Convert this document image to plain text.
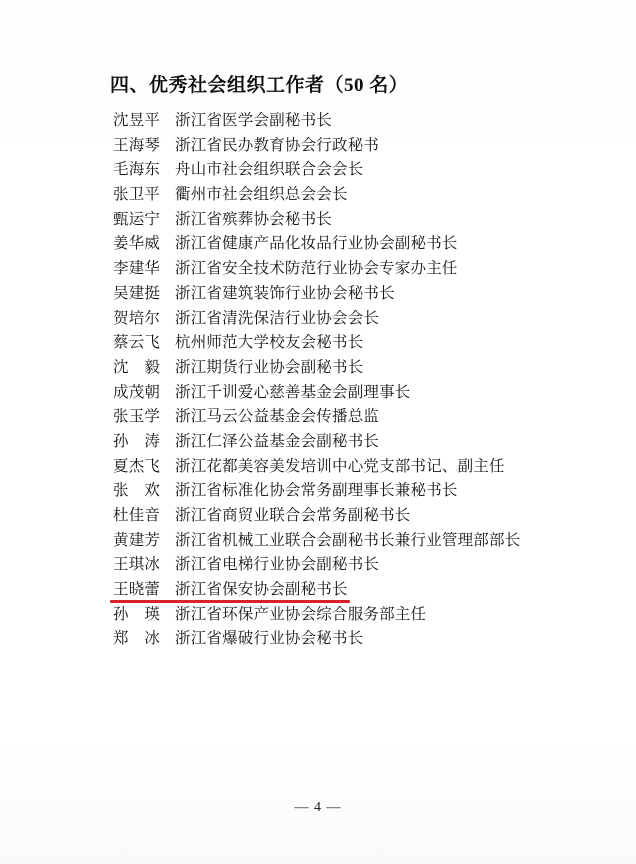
四、优秀社会组织工作者（50 名）
沈昱平 浙江省医学会副秘书长
王海琴 浙江省民办教育协会行政秘书
毛海东 舟山市社会组织联合会会长
张卫平 衢州市社会组织总会会长
甄运宁 浙江省殡葬协会秘书长
姜华威 浙江省健康产品化妆品行业协会副秘书长
李建华 浙江省安全技术防范行业协会专家办主任
吴建挺 浙江省建筑装饰行业协会秘书长
贺培尔 浙江省清洗保洁行业协会会长
蔡云飞 杭州师范大学校友会秘书长
沈　毅 浙江期货行业协会副秘书长
成茂朝 浙江千训爱心慈善基金会副理事长
张玉学 浙江马云公益基金会传播总监
孙　涛 浙江仁泽公益基金会副秘书长
夏杰飞 浙江花都美容美发培训中心党支部书记、副主任
张　欢 浙江省标准化协会常务副理事长兼秘书长
杜佳音 浙江省商贸业联合会常务副秘书长
黄建芳 浙江省机械工业联合会副秘书长兼行业管理部部长
王琪冰 浙江省电梯行业协会副秘书长
王晓蕾 浙江省保安协会副秘书长
孙　瑛 浙江省环保产业协会综合服务部主任
郑　冰 浙江省爆破行业协会秘书长
— 4 —
